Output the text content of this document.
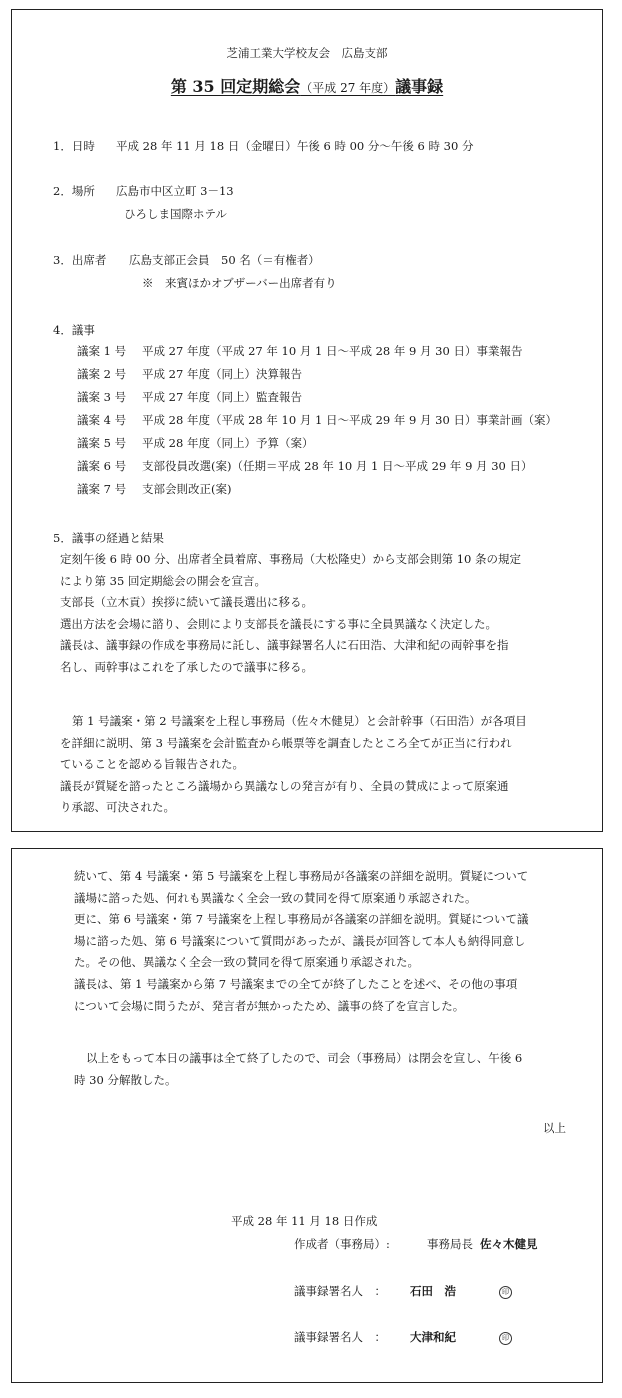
芝浦工業大学校友会　広島支部
第 35 回定期総会（平成 27 年度）議事録
1．日時 平成 28 年 11 月 18 日（金曜日）午後 6 時 00 分～午後 6 時 30 分
2．場所 広島市中区立町 3－13
ひろしま国際ホテル
3．出席者 広島支部正会員　50 名（＝有権者）
※　来賓ほかオブザーバー出席者有り
4．議事
議案 1 号 平成 27 年度（平成 27 年 10 月 1 日～平成 28 年 9 月 30 日）事業報告
議案 2 号 平成 27 年度（同上）決算報告
議案 3 号 平成 27 年度（同上）監査報告
議案 4 号 平成 28 年度（平成 28 年 10 月 1 日～平成 29 年 9 月 30 日）事業計画（案）
議案 5 号 平成 28 年度（同上）予算（案）
議案 6 号 支部役員改選(案)（任期＝平成 28 年 10 月 1 日～平成 29 年 9 月 30 日）
議案 7 号 支部会則改正(案)
5．議事の経過と結果
定刻午後 6 時 00 分、出席者全員着席、事務局（大松隆史）から支部会則第 10 条の規定
により第 35 回定期総会の開会を宣言。
支部長（立木貢）挨拶に続いて議長選出に移る。
選出方法を会場に諮り、会則により支部長を議長にする事に全員異議なく決定した。
議長は、議事録の作成を事務局に託し、議事録署名人に石田浩、大津和紀の両幹事を指
名し、両幹事はこれを了承したので議事に移る。
第 1 号議案・第 2 号議案を上程し事務局（佐々木健見）と会計幹事（石田浩）が各項目
を詳細に説明、第 3 号議案を会計監査から帳票等を調査したところ全てが正当に行われ
ていることを認める旨報告された。
議長が質疑を諮ったところ議場から異議なしの発言が有り、全員の賛成によって原案通
り承認、可決された。
続いて、第 4 号議案・第 5 号議案を上程し事務局が各議案の詳細を説明。質疑について
議場に諮った処、何れも異議なく全会一致の賛同を得て原案通り承認された。
更に、第 6 号議案・第 7 号議案を上程し事務局が各議案の詳細を説明。質疑について議
場に諮った処、第 6 号議案について質問があったが、議長が回答して本人も納得同意し
た。その他、異議なく全会一致の賛同を得て原案通り承認された。
議長は、第 1 号議案から第 7 号議案までの全てが終了したことを述べ、その他の事項
について会場に問うたが、発言者が無かったため、議事の終了を宣言した。
以上をもって本日の議事は全て終了したので、司会（事務局）は閉会を宣し、午後 6
時 30 分解散した。
以上
平成 28 年 11 月 18 日作成
作成者（事務局）:	事務局長 佐々木健見
議事録署名人　： 石田　浩	印
議事録署名人　： 大津和紀	印
